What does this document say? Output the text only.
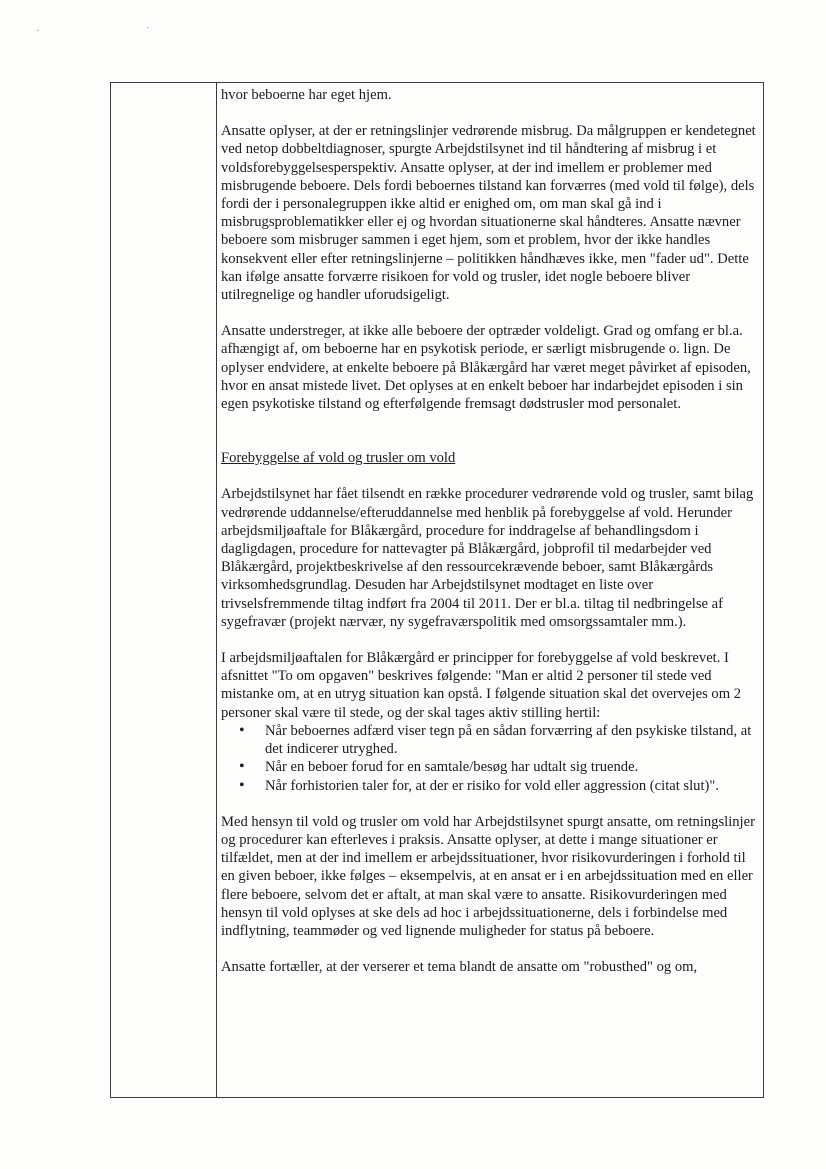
· ˙

hvor beboerne har eget hjem.

Ansatte oplyser, at der er retningslinjer vedrørende misbrug. Da målgruppen er kendetegnet ved netop dobbeltdiagnoser, spurgte Arbejdstilsynet ind til håndtering af misbrug i et voldsforebyggelsesperspektiv. Ansatte oplyser, at der ind imellem er problemer med misbrugende beboere. Dels fordi beboernes tilstand kan forværres (med vold til følge), dels fordi der i personalegruppen ikke altid er enighed om, om man skal gå ind i misbrugsproblematikker eller ej og hvordan situationerne skal håndteres. Ansatte nævner beboere som misbruger sammen i eget hjem, som et problem, hvor der ikke handles konsekvent eller efter retningslinjerne – politikken håndhæves ikke, men "fader ud". Dette kan ifølge ansatte forværre risikoen for vold og trusler, idet nogle beboere bliver utilregnelige og handler uforudsigeligt.

Ansatte understreger, at ikke alle beboere der optræder voldeligt. Grad og omfang er bl.a. afhængigt af, om beboerne har en psykotisk periode, er særligt misbrugende o. lign. De oplyser endvidere, at enkelte beboere på Blåkærgård har været meget påvirket af episoden, hvor en ansat mistede livet. Det oplyses at en enkelt beboer har indarbejdet episoden i sin egen psykotiske tilstand og efterfølgende fremsagt dødstrusler mod personalet.

Forebyggelse af vold og trusler om vold

Arbejdstilsynet har fået tilsendt en række procedurer vedrørende vold og trusler, samt bilag vedrørende uddannelse/efteruddannelse med henblik på forebyggelse af vold. Herunder arbejdsmiljøaftale for Blåkærgård, procedure for inddragelse af behandlingsdom i dagligdagen, procedure for nattevagter på Blåkærgård, jobprofil til medarbejder ved Blåkærgård, projektbeskrivelse af den ressourcekrævende beboer, samt Blåkærgårds virksomhedsgrundlag. Desuden har Arbejdstilsynet modtaget en liste over trivselsfremmende tiltag indført fra 2004 til 2011. Der er bl.a. tiltag til nedbringelse af sygefravær (projekt nærvær, ny sygefraværspolitik med omsorgssamtaler mm.).

I arbejdsmiljøaftalen for Blåkærgård er principper for forebyggelse af vold beskrevet. I afsnittet "To om opgaven" beskrives følgende: "Man er altid 2 personer til stede ved mistanke om, at en utryg situation kan opstå. I følgende situation skal det overvejes om 2 personer skal være til stede, og der skal tages aktiv stilling hertil:

• Når beboernes adfærd viser tegn på en sådan forværring af den psykiske tilstand, at det indicerer utryghed.
• Når en beboer forud for en samtale/besøg har udtalt sig truende.
• Når forhistorien taler for, at der er risiko for vold eller aggression (citat slut)".

Med hensyn til vold og trusler om vold har Arbejdstilsynet spurgt ansatte, om retningslinjer og procedurer kan efterleves i praksis. Ansatte oplyser, at dette i mange situationer er tilfældet, men at der ind imellem er arbejdssituationer, hvor risikovurderingen i forhold til en given beboer, ikke følges – eksempelvis, at en ansat er i en arbejdssituation med en eller flere beboere, selvom det er aftalt, at man skal være to ansatte. Risikovurderingen med hensyn til vold oplyses at ske dels ad hoc i arbejdssituationerne, dels i forbindelse med indflytning, teammøder og ved lignende muligheder for status på beboere.

Ansatte fortæller, at der verserer et tema blandt de ansatte om "robusthed" og om,
